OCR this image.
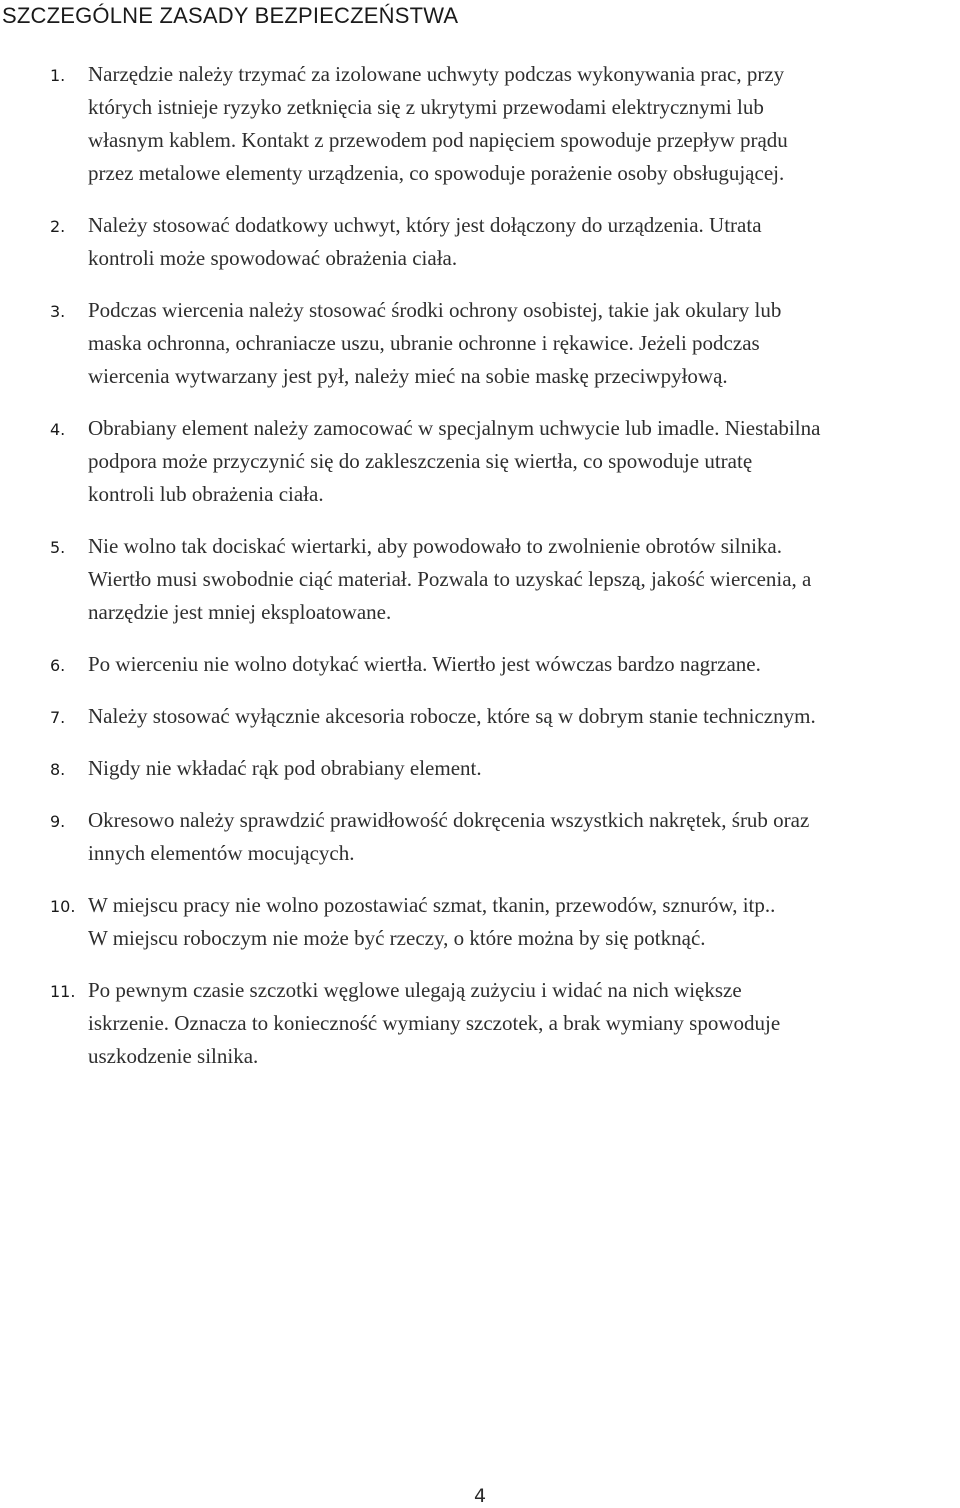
SZCZEGÓLNE ZASADY BEZPIECZEŃSTWA
1. Narzędzie należy trzymać za izolowane uchwyty podczas wykonywania prac, przy
których istnieje ryzyko zetknięcia się z ukrytymi przewodami elektrycznymi lub
własnym kablem. Kontakt z przewodem pod napięciem spowoduje przepływ prądu
przez metalowe elementy urządzenia, co spowoduje porażenie osoby obsługującej.
2. Należy stosować dodatkowy uchwyt, który jest dołączony do urządzenia. Utrata
kontroli może spowodować obrażenia ciała.
3. Podczas wiercenia należy stosować środki ochrony osobistej, takie jak okulary lub
maska ochronna, ochraniacze uszu, ubranie ochronne i rękawice. Jeżeli podczas
wiercenia wytwarzany jest pył, należy mieć na sobie maskę przeciwpyłową.
4. Obrabiany element należy zamocować w specjalnym uchwycie lub imadle. Niestabilna
podpora może przyczynić się do zakleszczenia się wiertła, co spowoduje utratę
kontroli lub obrażenia ciała.
5. Nie wolno tak dociskać wiertarki, aby powodowało to zwolnienie obrotów silnika.
Wiertło musi swobodnie ciąć materiał. Pozwala to uzyskać lepszą, jakość wiercenia, a
narzędzie jest mniej eksploatowane.
6. Po wierceniu nie wolno dotykać wiertła. Wiertło jest wówczas bardzo nagrzane.
7. Należy stosować wyłącznie akcesoria robocze, które są w dobrym stanie technicznym.
8. Nigdy nie wkładać rąk pod obrabiany element.
9. Okresowo należy sprawdzić prawidłowość dokręcenia wszystkich nakrętek, śrub oraz
innych elementów mocujących.
10. W miejscu pracy nie wolno pozostawiać szmat, tkanin, przewodów, sznurów, itp..
W miejscu roboczym nie może być rzeczy, o które można by się potknąć.
11. Po pewnym czasie szczotki węglowe ulegają zużyciu i widać na nich większe
iskrzenie. Oznacza to konieczność wymiany szczotek, a brak wymiany spowoduje
uszkodzenie silnika.
4
